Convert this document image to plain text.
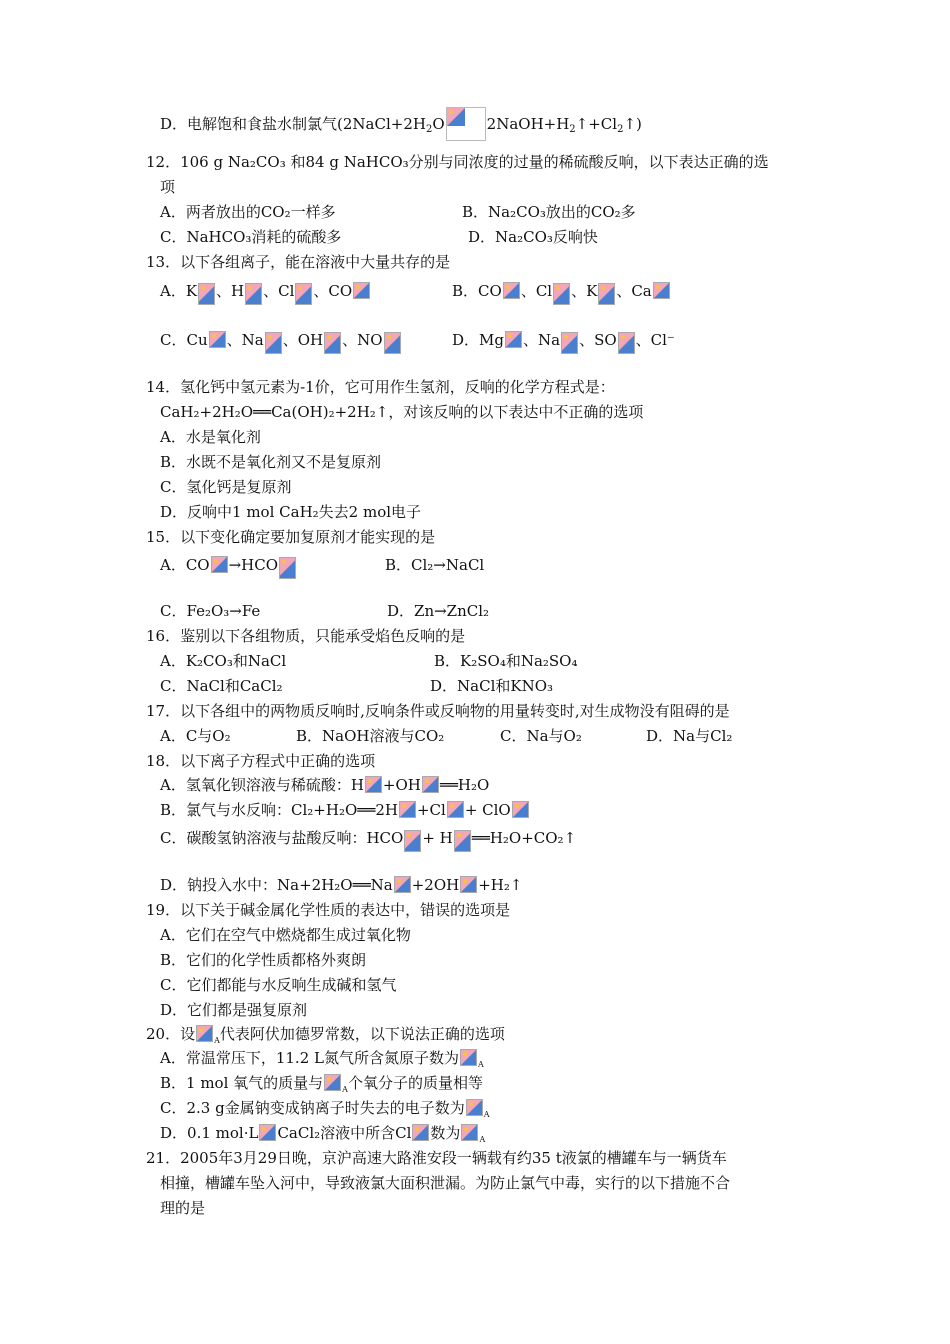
D．电解饱和食盐水制氯气($2NaCl+2H_2O$	$2NaOH+H_2↑+Cl_2↑$)
12．106 g Na₂CO₃ 和84 g NaHCO₃分别与同浓度的过量的稀硫酸反响，以下表达正确的选
项
A．两者放出的CO₂一样多	B．Na₂CO₃放出的CO₂多
C．NaHCO₃消耗的硫酸多	D．Na₂CO₃反响快
13．以下各组离子，能在溶液中大量共存的是
A．K 、H 、Cl 、CO	B．CO 、Cl 、K 、Ca
C．Cu 、Na 、OH 、NO	D．Mg 、Na 、SO 、Cl⁻
14．氢化钙中氢元素为-1价，它可用作生氢剂，反响的化学方程式是：
CaH₂+2H₂O══Ca(OH)₂+2H₂↑，对该反响的以下表达中不正确的选项
A．水是氧化剂
B．水既不是氧化剂又不是复原剂
C．氢化钙是复原剂
D．反响中1 mol CaH₂失去2 mol电子
15．以下变化确定要加复原剂才能实现的是
A．CO →HCO	B．Cl₂→NaCl
C．Fe₂O₃→Fe	D．Zn→ZnCl₂
16．鉴别以下各组物质，只能承受焰色反响的是
A．K₂CO₃和NaCl	B．K₂SO₄和Na₂SO₄
C．NaCl和CaCl₂	D．NaCl和KNO₃
17．以下各组中的两物质反响时,反响条件或反响物的用量转变时,对生成物没有阻碍的是
A．C与O₂	B．NaOH溶液与CO₂	C．Na与O₂	D．Na与Cl₂
18．以下离子方程式中正确的选项
A．氢氧化钡溶液与稀硫酸：H +OH ══H₂O
B．氯气与水反响：Cl₂+H₂O══2H +Cl + ClO
C．碳酸氢钠溶液与盐酸反响：HCO + H ══H₂O+CO₂↑
D．钠投入水中：Na+2H₂O══Na +2OH +H₂↑
19．以下关于碱金属化学性质的表达中，错误的选项是
A．它们在空气中燃烧都生成过氧化物
B．它们的化学性质都格外爽朗
C．它们都能与水反响生成碱和氢气
D．它们都是强复原剂
20．设 $_A$代表阿伏加德罗常数，以下说法正确的选项
A．常温常压下，11.2 L氮气所含氮原子数为 $_A$
B．1 mol 氧气的质量与 $_A$个氧分子的质量相等
C．2.3 g金属钠变成钠离子时失去的电子数为 $_A$
D．0.1 mol·L CaCl₂溶液中所含Cl 数为 $_A$
21．2005年3月29日晚，京沪高速大路淮安段一辆载有约35 t液氯的槽罐车与一辆货车
相撞，槽罐车坠入河中，导致液氯大面积泄漏。为防止氯气中毒，实行的以下措施不合
理的是
